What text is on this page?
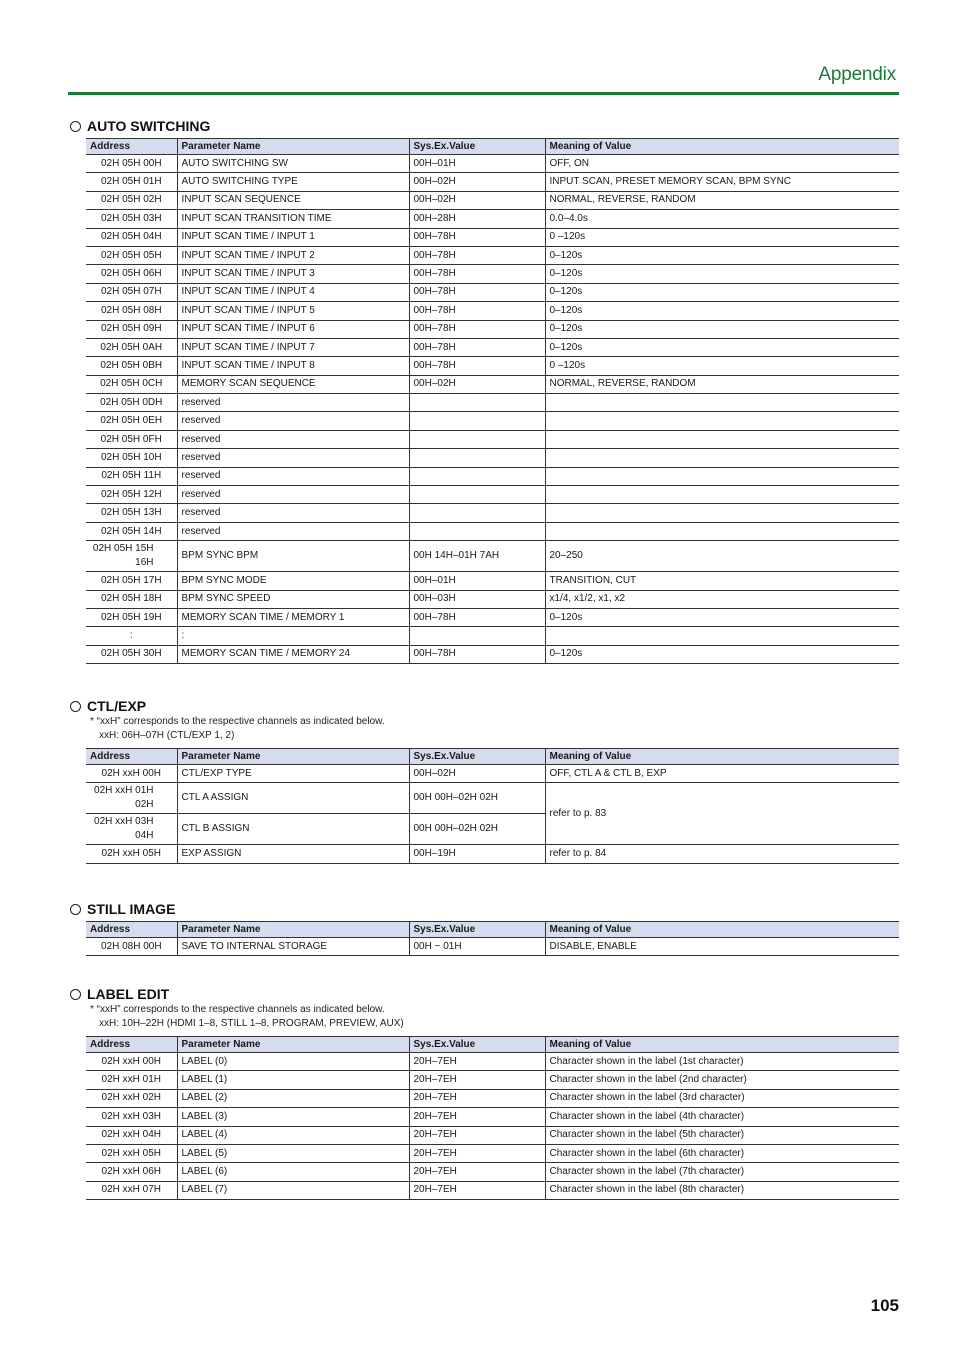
Appendix
AUTO SWITCHING
Address	Parameter Name	Sys.Ex.Value	Meaning of Value
02H 05H 00H	AUTO SWITCHING SW	00H–01H	OFF, ON
02H 05H 01H	AUTO SWITCHING TYPE	00H–02H	INPUT SCAN, PRESET MEMORY SCAN, BPM SYNC
02H 05H 02H	INPUT SCAN SEQUENCE	00H–02H	NORMAL, REVERSE, RANDOM
02H 05H 03H	INPUT SCAN TRANSITION TIME	00H–28H	0.0–4.0s
02H 05H 04H	INPUT SCAN TIME / INPUT 1	00H–78H	0 –120s
02H 05H 05H	INPUT SCAN TIME / INPUT 2	00H–78H	0–120s
02H 05H 06H	INPUT SCAN TIME / INPUT 3	00H–78H	0–120s
02H 05H 07H	INPUT SCAN TIME / INPUT 4	00H–78H	0–120s
02H 05H 08H	INPUT SCAN TIME / INPUT 5	00H–78H	0–120s
02H 05H 09H	INPUT SCAN TIME / INPUT 6	00H–78H	0–120s
02H 05H 0AH	INPUT SCAN TIME / INPUT 7	00H–78H	0–120s
02H 05H 0BH	INPUT SCAN TIME / INPUT 8	00H–78H	0 –120s
02H 05H 0CH	MEMORY SCAN SEQUENCE	00H–02H	NORMAL, REVERSE, RANDOM
02H 05H 0DH	reserved		
02H 05H 0EH	reserved		
02H 05H 0FH	reserved		
02H 05H 10H	reserved		
02H 05H 11H	reserved		
02H 05H 12H	reserved		
02H 05H 13H	reserved		
02H 05H 14H	reserved		

02H 05H 15H
16H	BPM SYNC BPM	00H 14H–01H 7AH	20–250
02H 05H 17H	BPM SYNC MODE	00H–01H	TRANSITION, CUT
02H 05H 18H	BPM SYNC SPEED	00H–03H	x1/4, x1/2, x1, x2
02H 05H 19H	MEMORY SCAN TIME / MEMORY 1	00H–78H	0–120s
:	:		
02H 05H 30H	MEMORY SCAN TIME / MEMORY 24	00H–78H	0–120s
CTL/EXP
* “xxH” corresponds to the respective channels as indicated below.
xxH: 06H–07H (CTL/EXP 1, 2)
Address	Parameter Name	Sys.Ex.Value	Meaning of Value
02H xxH 00H	CTL/EXP TYPE	00H–02H	OFF, CTL A & CTL B, EXP

02H xxH 01H
02H	CTL A ASSIGN	00H 00H–02H 02H	refer to p. 83

02H xxH 03H
04H	CTL B ASSIGN	00H 00H–02H 02H	
02H xxH 05H	EXP ASSIGN	00H–19H	refer to p. 84
STILL IMAGE
Address	Parameter Name	Sys.Ex.Value	Meaning of Value
02H 08H 00H	SAVE TO INTERNAL STORAGE	00H ~ 01H	DISABLE, ENABLE
LABEL EDIT
* “xxH” corresponds to the respective channels as indicated below.
xxH: 10H–22H (HDMI 1–8, STILL 1–8, PROGRAM, PREVIEW, AUX)
Address	Parameter Name	Sys.Ex.Value	Meaning of Value
02H xxH 00H	LABEL (0)	20H–7EH	Character shown in the label (1st character)
02H xxH 01H	LABEL (1)	20H–7EH	Character shown in the label (2nd character)
02H xxH 02H	LABEL (2)	20H–7EH	Character shown in the label (3rd character)
02H xxH 03H	LABEL (3)	20H–7EH	Character shown in the label (4th character)
02H xxH 04H	LABEL (4)	20H–7EH	Character shown in the label (5th character)
02H xxH 05H	LABEL (5)	20H–7EH	Character shown in the label (6th character)
02H xxH 06H	LABEL (6)	20H–7EH	Character shown in the label (7th character)
02H xxH 07H	LABEL (7)	20H–7EH	Character shown in the label (8th character)
105
